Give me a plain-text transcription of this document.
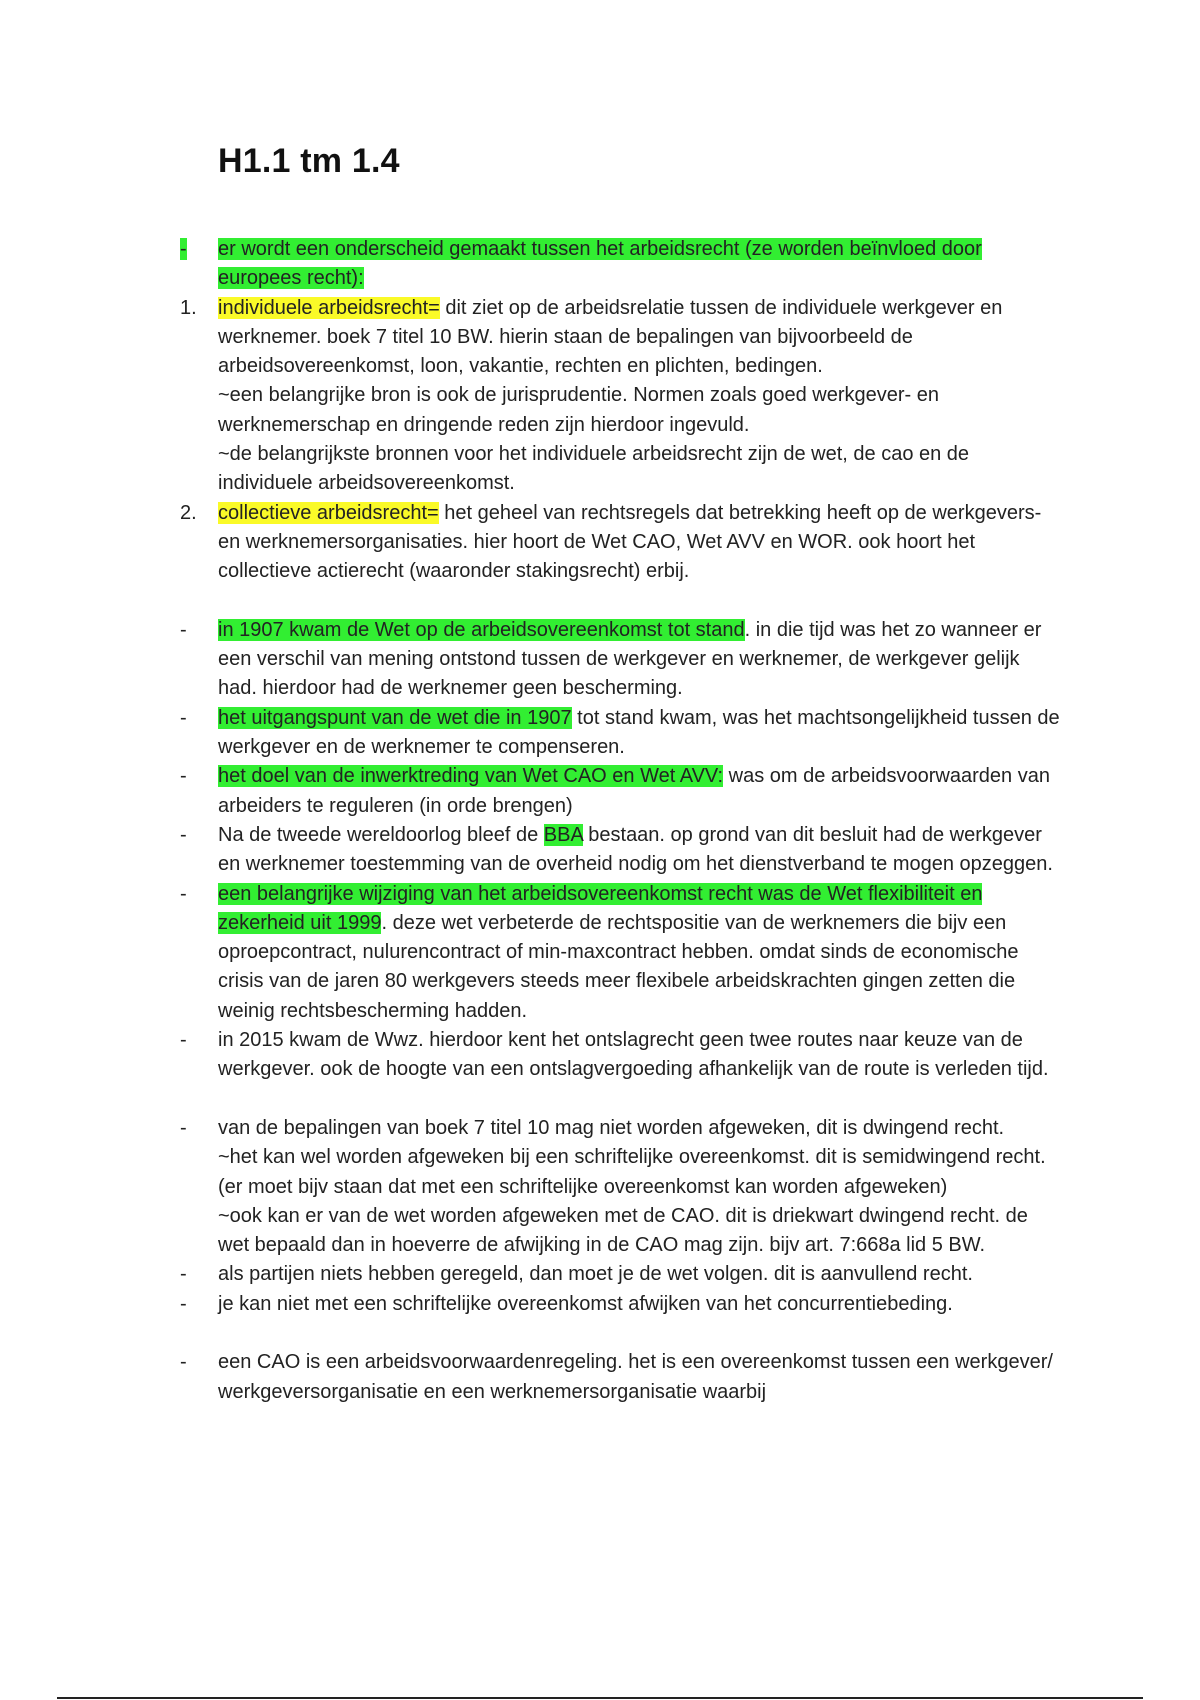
H1.1 tm 1.4
-	er wordt een onderscheid gemaakt tussen het arbeidsrecht (ze worden beïnvloed door europees recht):
1.	individuele arbeidsrecht= dit ziet op de arbeidsrelatie tussen de individuele werkgever en werknemer. boek 7 titel 10 BW. hierin staan de bepalingen van bijvoorbeeld de arbeidsovereenkomst, loon, vakantie, rechten en plichten, bedingen.
~een belangrijke bron is ook de jurisprudentie. Normen zoals goed werkgever- en werknemerschap en dringende reden zijn hierdoor ingevuld.
~de belangrijkste bronnen voor het individuele arbeidsrecht zijn de wet, de cao en de individuele arbeidsovereenkomst.
2.	collectieve arbeidsrecht= het geheel van rechtsregels dat betrekking heeft op de werkgevers- en werknemersorganisaties. hier hoort de Wet CAO, Wet AVV en WOR. ook hoort het collectieve actierecht (waaronder stakingsrecht) erbij.
-	in 1907 kwam de Wet op de arbeidsovereenkomst tot stand. in die tijd was het zo wanneer er een verschil van mening ontstond tussen de werkgever en werknemer, de werkgever gelijk had. hierdoor had de werknemer geen bescherming.
-	het uitgangspunt van de wet die in 1907 tot stand kwam, was het machtsongelijkheid tussen de werkgever en de werknemer te compenseren.
-	het doel van de inwerktreding van Wet CAO en Wet AVV: was om de arbeidsvoorwaarden van arbeiders te reguleren (in orde brengen)
-	Na de tweede wereldoorlog bleef de BBA bestaan. op grond van dit besluit had de werkgever en werknemer toestemming van de overheid nodig om het dienstverband te mogen opzeggen.
-	een belangrijke wijziging van het arbeidsovereenkomst recht was de Wet flexibiliteit en zekerheid uit 1999. deze wet verbeterde de rechtspositie van de werknemers die bijv een oproepcontract, nulurencontract of min-maxcontract hebben. omdat sinds de economische crisis van de jaren 80 werkgevers steeds meer flexibele arbeidskrachten gingen zetten die weinig rechtsbescherming hadden.
-	in 2015 kwam de Wwz. hierdoor kent het ontslagrecht geen twee routes naar keuze van de werkgever. ook de hoogte van een ontslagvergoeding afhankelijk van de route is verleden tijd.
-	van de bepalingen van boek 7 titel 10 mag niet worden afgeweken, dit is dwingend recht.
~het kan wel worden afgeweken bij een schriftelijke overeenkomst. dit is semidwingend recht. (er moet bijv staan dat met een schriftelijke overeenkomst kan worden afgeweken)
~ook kan er van de wet worden afgeweken met de CAO. dit is driekwart dwingend recht. de wet bepaald dan in hoeverre de afwijking in de CAO mag zijn. bijv art. 7:668a lid 5 BW.
-	als partijen niets hebben geregeld, dan moet je de wet volgen. dit is aanvullend recht.
-	je kan niet met een schriftelijke overeenkomst afwijken van het concurrentiebeding.
-	een CAO is een arbeidsvoorwaardenregeling. het is een overeenkomst tussen een werkgever/ werkgeversorganisatie en een werknemersorganisatie waarbij
